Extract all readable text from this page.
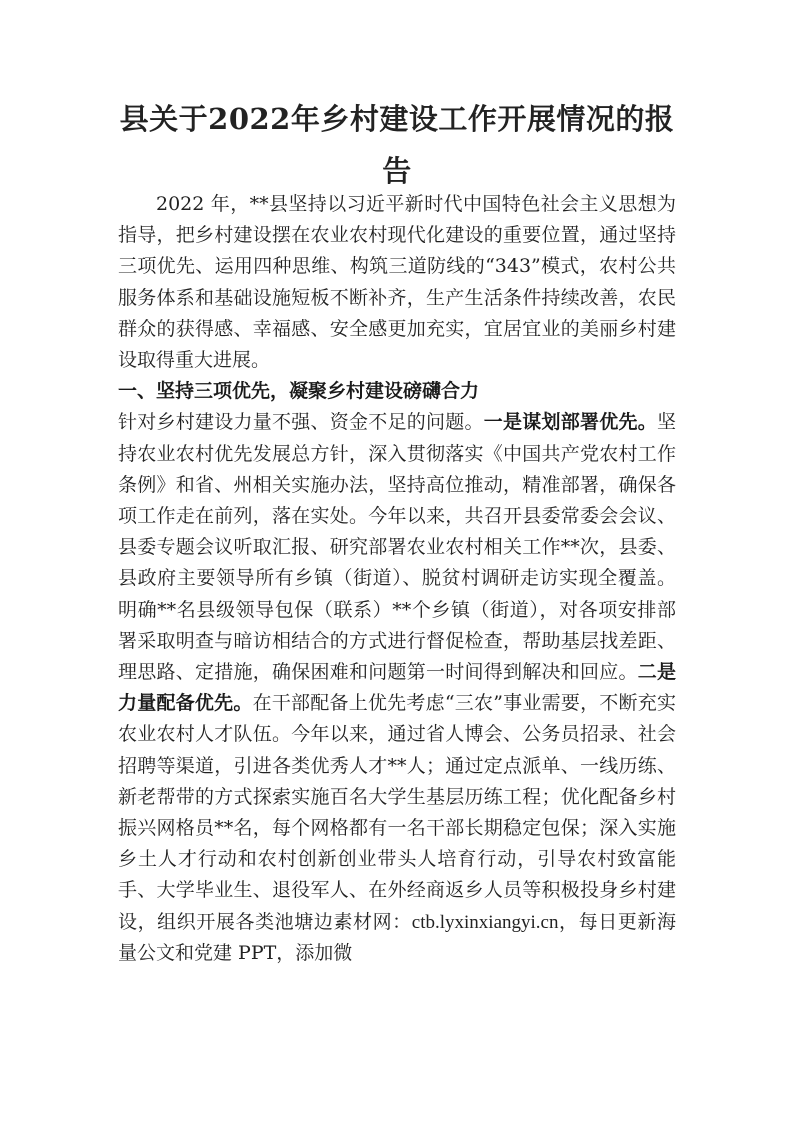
县关于2022年乡村建设工作开展情况的报告

2022 年，**县坚持以习近平新时代中国特色社会主义思想为指导，把乡村建设摆在农业农村现代化建设的重要位置，通过坚持三项优先、运用四种思维、构筑三道防线的“343”模式，农村公共服务体系和基础设施短板不断补齐，生产生活条件持续改善，农民群众的获得感、幸福感、安全感更加充实，宜居宜业的美丽乡村建设取得重大进展。

一、坚持三项优先，凝聚乡村建设磅礴合力

针对乡村建设力量不强、资金不足的问题。一是谋划部署优先。坚持农业农村优先发展总方针，深入贯彻落实《中国共产党农村工作条例》和省、州相关实施办法，坚持高位推动，精准部署，确保各项工作走在前列，落在实处。今年以来，共召开县委常委会会议、县委专题会议听取汇报、研究部署农业农村相关工作**次，县委、县政府主要领导所有乡镇（街道）、脱贫村调研走访实现全覆盖。明确**名县级领导包保（联系）**个乡镇（街道），对各项安排部署采取明查与暗访相结合的方式进行督促检查，帮助基层找差距、理思路、定措施，确保困难和问题第一时间得到解决和回应。二是力量配备优先。在干部配备上优先考虑“三农”事业需要，不断充实农业农村人才队伍。今年以来，通过省人博会、公务员招录、社会招聘等渠道，引进各类优秀人才**人；通过定点派单、一线历练、新老帮带的方式探索实施百名大学生基层历练工程；优化配备乡村振兴网格员**名，每个网格都有一名干部长期稳定包保；深入实施乡土人才行动和农村创新创业带头人培育行动，引导农村致富能手、大学毕业生、退役军人、在外经商返乡人员等积极投身乡村建设，组织开展各类池塘边素材网：ctb.lyxinxiangyi.cn，每日更新海量公文和党建 PPT，添加微
